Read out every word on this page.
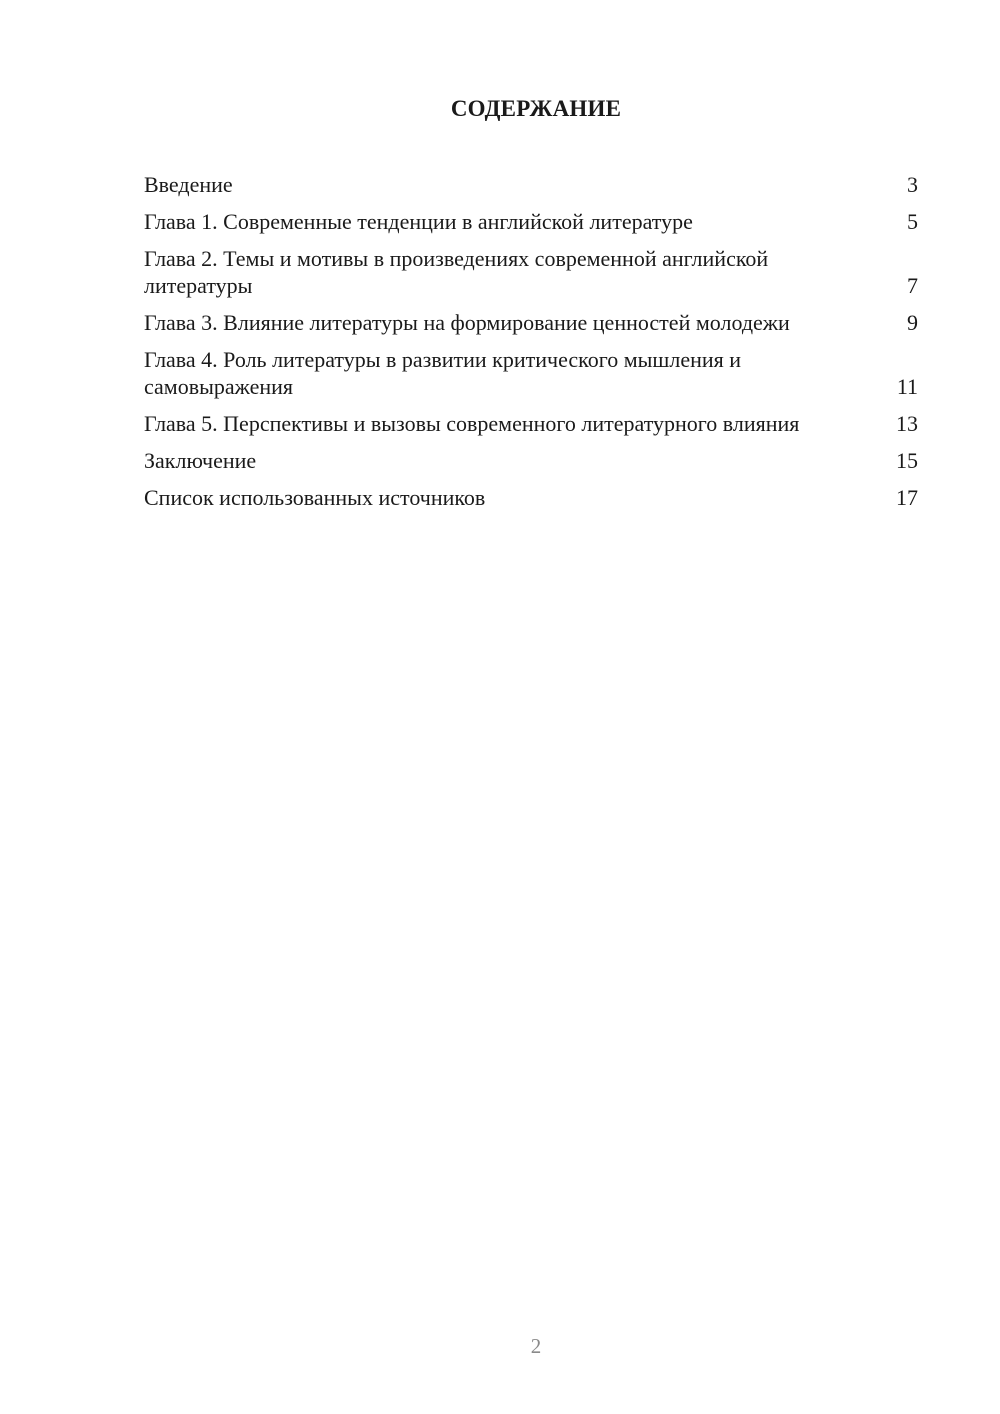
СОДЕРЖАНИЕ
Введение	3
Глава 1. Современные тенденции в английской литературе	5
Глава 2. Темы и мотивы в произведениях современной английской литературы	7
Глава 3. Влияние литературы на формирование ценностей молодежи	9
Глава 4. Роль литературы в развитии критического мышления и самовыражения	11
Глава 5. Перспективы и вызовы современного литературного влияния	13
Заключение	15
Список использованных источников	17
2
